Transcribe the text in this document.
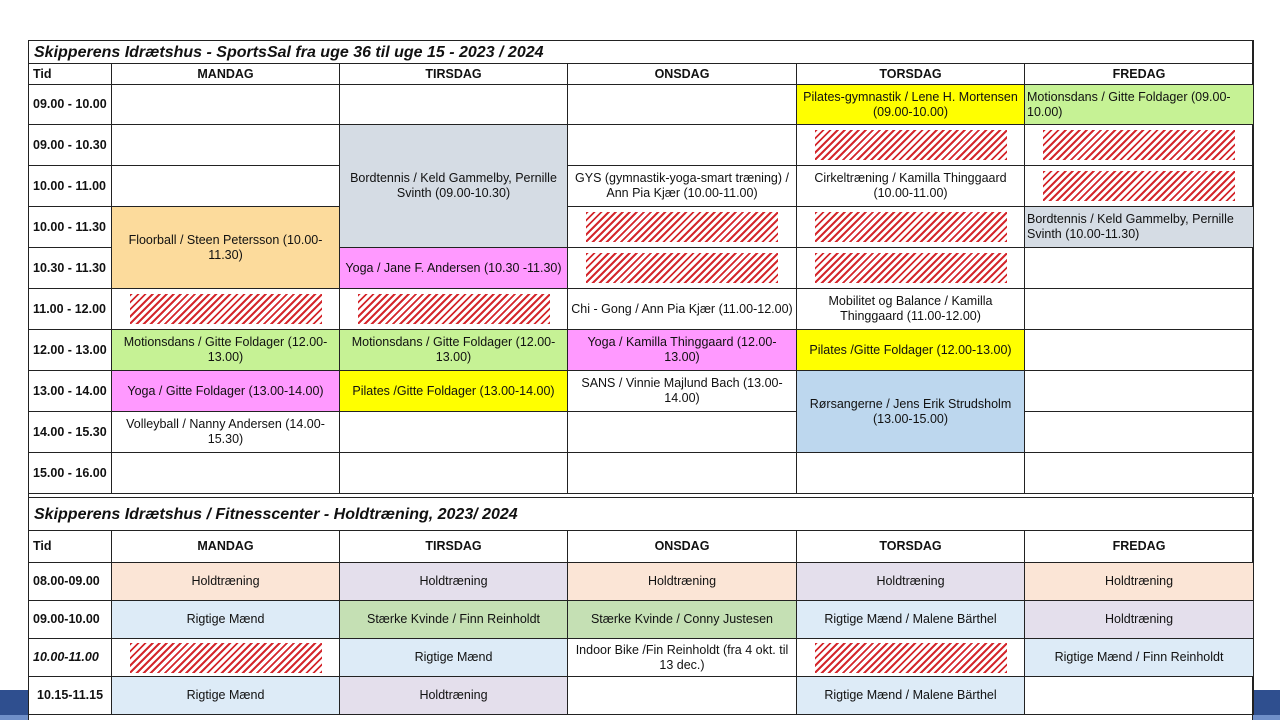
Skipperens Idrætshus - SportsSal fra uge 36 til uge 15 - 2023 / 2024					
Tid	MANDAG	TIRSDAG	ONSDAG	TORSDAG	FREDAG
09.00 - 10.00				Pilates-gymnastik / Lene H. Mortensen (09.00-10.00)	Motionsdans / Gitte Foldager (09.00-10.00)
09.00 - 10.30		Bordtennis / Keld Gammelby, Pernille Svinth (09.00-10.30)		

10.00 - 11.00			GYS (gymnastik-yoga-smart træning) / Ann Pia Kjær (10.00-11.00)	Cirkeltræning / Kamilla Thinggaard (10.00-11.00)	

10.00 - 11.30	Floorball / Steen Petersson (10.00-11.30)				Bordtennis / Keld Gammelby, Pernille Svinth (10.00-11.30)
10.30 - 11.30		Yoga / Jane F. Andersen (10.30 -11.30)	

11.00 - 12.00			Chi - Gong / Ann Pia Kjær (11.00-12.00)	Mobilitet og Balance / Kamilla Thinggaard (11.00-12.00)	
12.00 - 13.00	Motionsdans / Gitte Foldager (12.00-13.00)	Motionsdans / Gitte Foldager (12.00-13.00)	Yoga / Kamilla Thinggaard (12.00-13.00)	Pilates /Gitte Foldager (12.00-13.00)	
13.00 - 14.00	Yoga / Gitte Foldager (13.00-14.00)	Pilates /Gitte Foldager (13.00-14.00)	SANS / Vinnie Majlund Bach (13.00-14.00)	Rørsangerne / Jens Erik Strudsholm (13.00-15.00)	
14.00 - 15.30	Volleyball / Nanny Andersen (14.00-15.30)				
15.00 - 16.00					
Skipperens Idrætshus / Fitnesscenter - Holdtræning, 2023/ 2024					
Tid	MANDAG	TIRSDAG	ONSDAG	TORSDAG	FREDAG
08.00-09.00	Holdtræning	Holdtræning	Holdtræning	Holdtræning	Holdtræning
09.00-10.00	Rigtige Mænd	Stærke Kvinde / Finn Reinholdt	Stærke Kvinde / Conny Justesen	Rigtige Mænd / Malene Bärthel	Holdtræning
10.00-11.00		Rigtige Mænd	Indoor Bike /Fin Reinholdt (fra 4 okt. til 13 dec.)		Rigtige Mænd / Finn Reinholdt
10.15-11.15	Rigtige Mænd	Holdtræning		Rigtige Mænd / Malene Bärthel	
